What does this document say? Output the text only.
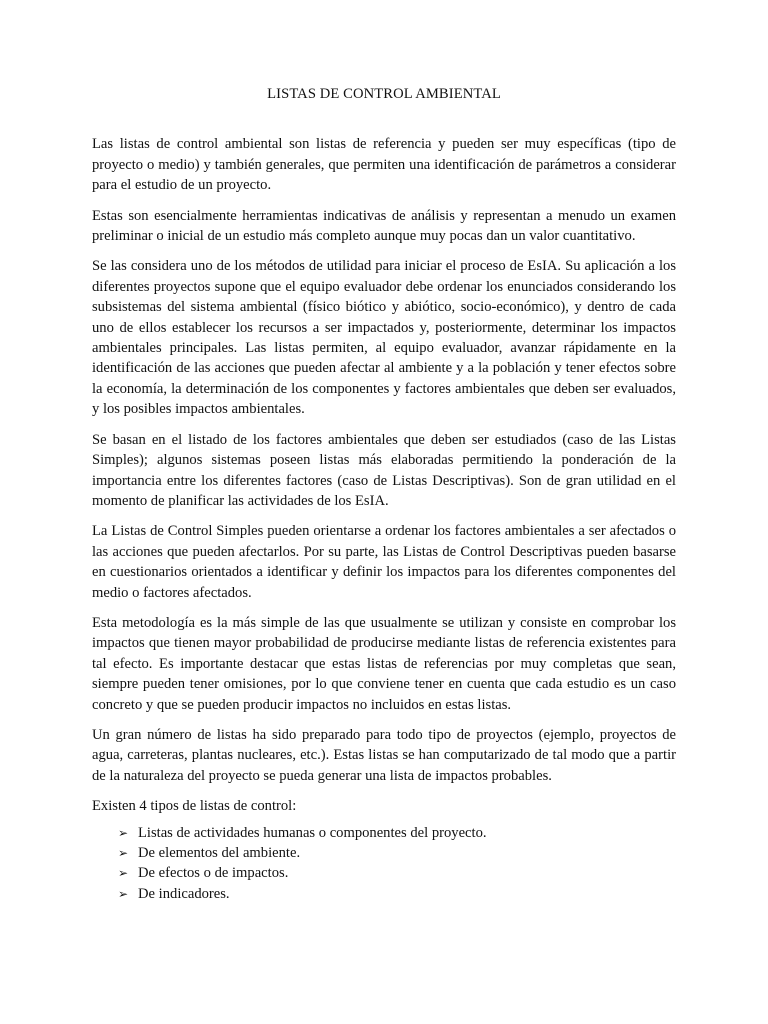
LISTAS DE CONTROL AMBIENTAL

Las listas de control ambiental son listas de referencia y pueden ser muy específicas (tipo de proyecto o medio) y también generales, que permiten una identificación de parámetros a considerar para el estudio de un proyecto.

Estas son esencialmente herramientas indicativas de análisis y representan a menudo un examen preliminar o inicial de un estudio más completo aunque muy pocas dan un valor cuantitativo.

Se las considera uno de los métodos de utilidad para iniciar el proceso de EsIA. Su aplicación a los diferentes proyectos supone que el equipo evaluador debe ordenar los enunciados considerando los subsistemas del sistema ambiental (físico biótico y abiótico, socio-económico), y dentro de cada uno de ellos establecer los recursos a ser impactados y, posteriormente, determinar los impactos ambientales principales. Las listas permiten, al equipo evaluador, avanzar rápidamente en la identificación de las acciones que pueden afectar al ambiente y a la población y tener efectos sobre la economía, la determinación de los componentes y factores ambientales que deben ser evaluados, y los posibles impactos ambientales.

Se basan en el listado de los factores ambientales que deben ser estudiados (caso de las Listas Simples); algunos sistemas poseen listas más elaboradas permitiendo la ponderación de la importancia entre los diferentes factores (caso de Listas Descriptivas). Son de gran utilidad en el momento de planificar las actividades de los EsIA.

La Listas de Control Simples pueden orientarse a ordenar los factores ambientales a ser afectados o las acciones que pueden afectarlos. Por su parte, las Listas de Control Descriptivas pueden basarse en cuestionarios orientados a identificar y definir los impactos para los diferentes componentes del medio o factores afectados.

Esta metodología es la más simple de las que usualmente se utilizan y consiste en comprobar los impactos que tienen mayor probabilidad de producirse mediante listas de referencia existentes para tal efecto. Es importante destacar que estas listas de referencias por muy completas que sean, siempre pueden tener omisiones, por lo que conviene tener en cuenta que cada estudio es un caso concreto y que se pueden producir impactos no incluidos en estas listas.

Un gran número de listas ha sido preparado para todo tipo de proyectos (ejemplo, proyectos de agua, carreteras, plantas nucleares, etc.). Estas listas se han computarizado de tal modo que a partir de la naturaleza del proyecto se pueda generar una lista de impactos probables.

Existen 4 tipos de listas de control:

➢ Listas de actividades humanas o componentes del proyecto.
➢ De elementos del ambiente.
➢ De efectos o de impactos.
➢ De indicadores.
